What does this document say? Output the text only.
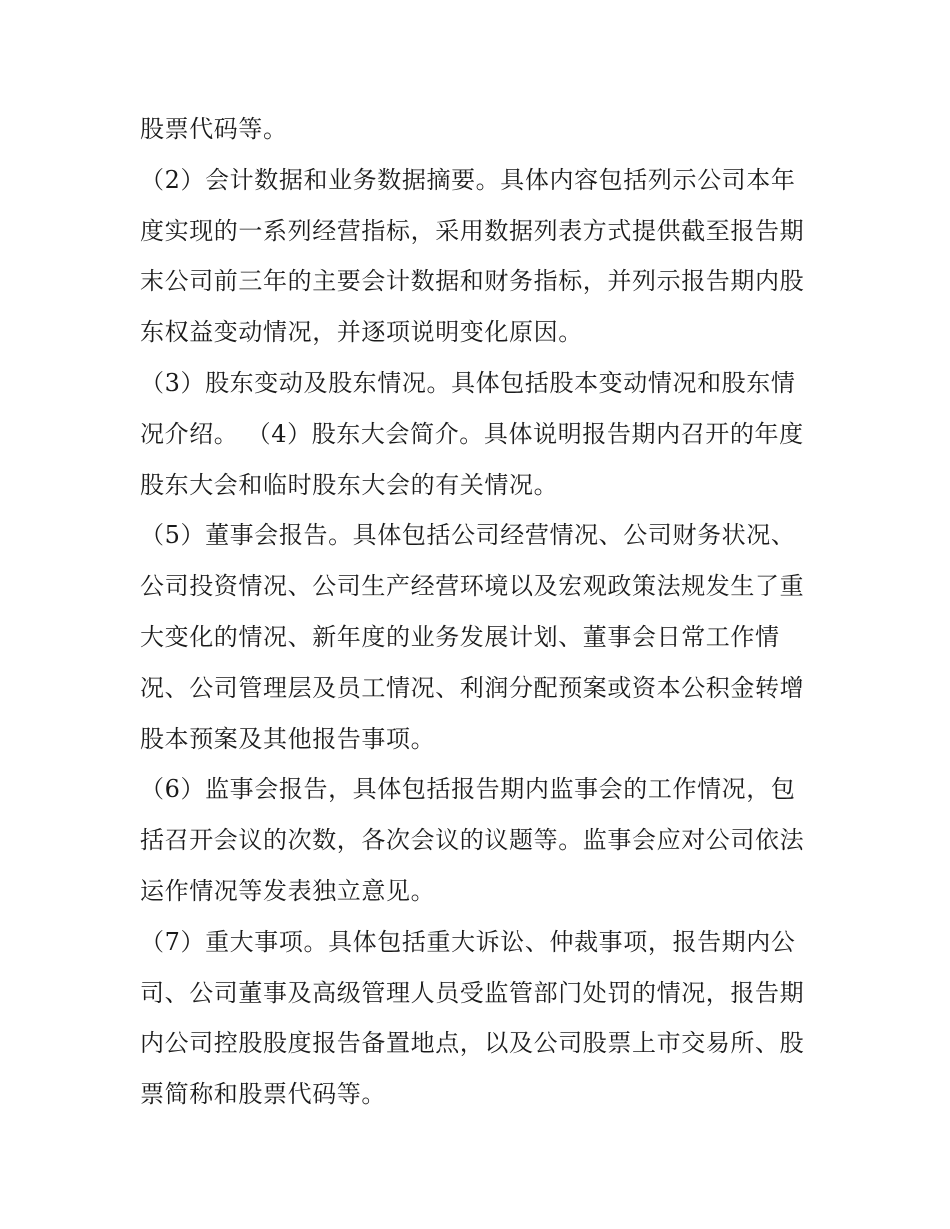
股票代码等。
（2）会计数据和业务数据摘要。具体内容包括列示公司本年
度实现的一系列经营指标，采用数据列表方式提供截至报告期
末公司前三年的主要会计数据和财务指标，并列示报告期内股
东权益变动情况，并逐项说明变化原因。
（3）股东变动及股东情况。具体包括股本变动情况和股东情
况介绍。 （4）股东大会简介。具体说明报告期内召开的年度
股东大会和临时股东大会的有关情况。
（5）董事会报告。具体包括公司经营情况、公司财务状况、
公司投资情况、公司生产经营环境以及宏观政策法规发生了重
大变化的情况、新年度的业务发展计划、董事会日常工作情
况、公司管理层及员工情况、利润分配预案或资本公积金转增
股本预案及其他报告事项。
（6）监事会报告，具体包括报告期内监事会的工作情况，包
括召开会议的次数，各次会议的议题等。监事会应对公司依法
运作情况等发表独立意见。
（7）重大事项。具体包括重大诉讼、仲裁事项，报告期内公
司、公司董事及高级管理人员受监管部门处罚的情况，报告期
内公司控股股度报告备置地点，以及公司股票上市交易所、股
票简称和股票代码等。
